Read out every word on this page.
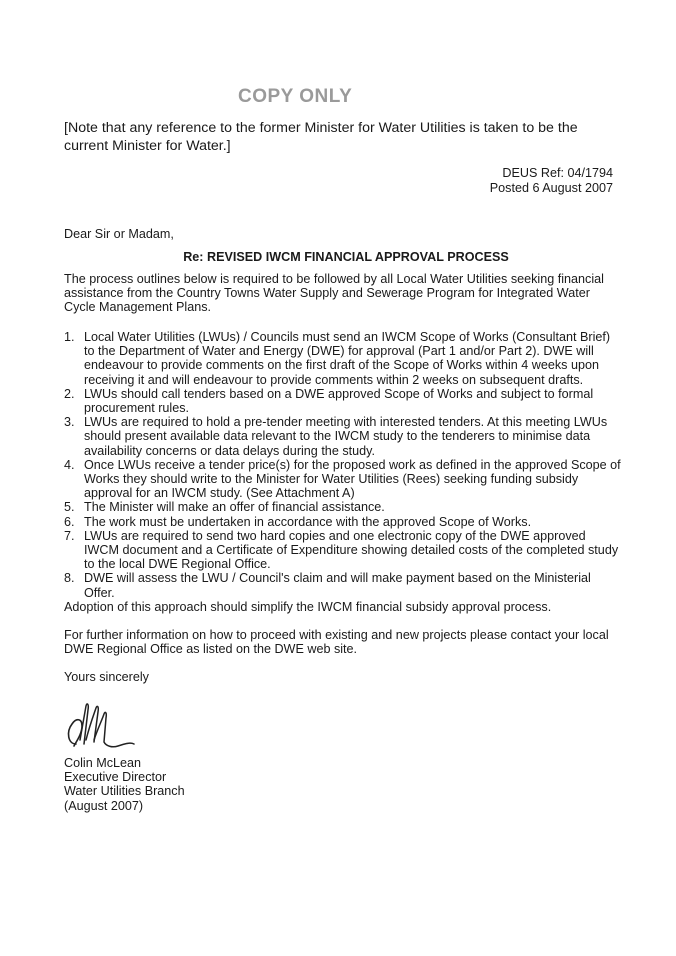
COPY ONLY
[Note that any reference to the former Minister for Water Utilities is taken to be the current Minister for Water.]
DEUS Ref: 04/1794
Posted 6 August 2007
Dear Sir or Madam,
Re: REVISED IWCM FINANCIAL APPROVAL PROCESS
The process outlines below is required to be followed by all Local Water Utilities seeking financial assistance from the Country Towns Water Supply and Sewerage Program for Integrated Water Cycle Management Plans.
1. Local Water Utilities (LWUs) / Councils must send an IWCM Scope of Works (Consultant Brief) to the Department of Water and Energy (DWE) for approval (Part 1 and/or Part 2). DWE will endeavour to provide comments on the first draft of the Scope of Works within 4 weeks upon receiving it and will endeavour to provide comments within 2 weeks on subsequent drafts.
2. LWUs should call tenders based on a DWE approved Scope of Works and subject to formal procurement rules.
3. LWUs are required to hold a pre-tender meeting with interested tenders. At this meeting LWUs should present available data relevant to the IWCM study to the tenderers to minimise data availability concerns or data delays during the study.
4. Once LWUs receive a tender price(s) for the proposed work as defined in the approved Scope of Works they should write to the Minister for Water Utilities (Rees) seeking funding subsidy approval for an IWCM study. (See Attachment A)
5. The Minister will make an offer of financial assistance.
6. The work must be undertaken in accordance with the approved Scope of Works.
7. LWUs are required to send two hard copies and one electronic copy of the DWE approved IWCM document and a Certificate of Expenditure showing detailed costs of the completed study to the local DWE Regional Office.
8. DWE will assess the LWU / Council's claim and will make payment based on the Ministerial Offer.
Adoption of this approach should simplify the IWCM financial subsidy approval process.
For further information on how to proceed with existing and new projects please contact your local DWE Regional Office as listed on the DWE web site.
Yours sincerely
Colin McLean
Executive Director
Water Utilities Branch
(August 2007)
